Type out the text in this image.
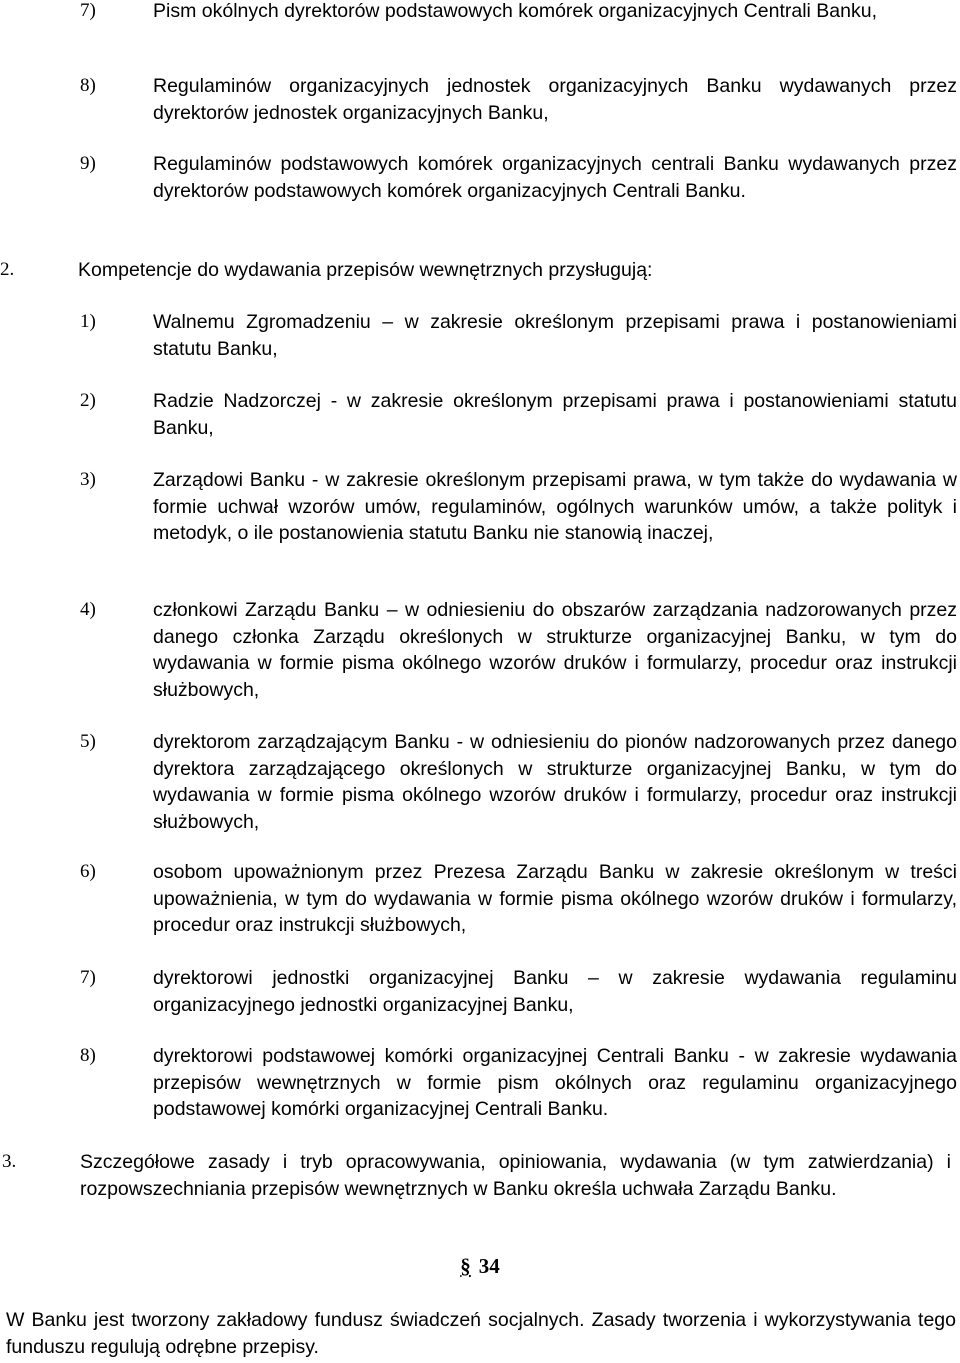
7)	Pism okólnych dyrektorów podstawowych komórek organizacyjnych Centrali Banku,
8)	Regulaminów organizacyjnych jednostek organizacyjnych Banku wydawanych przez dyrektorów jednostek organizacyjnych Banku,
9)	Regulaminów podstawowych komórek organizacyjnych centrali Banku wydawanych przez dyrektorów podstawowych komórek organizacyjnych Centrali Banku.
2.	Kompetencje do wydawania przepisów wewnętrznych przysługują:
1)	Walnemu Zgromadzeniu – w zakresie określonym przepisami prawa i postanowieniami statutu Banku,
2)	Radzie Nadzorczej - w zakresie określonym przepisami prawa i postanowieniami statutu Banku,
3)	Zarządowi Banku - w zakresie określonym przepisami prawa, w tym także do wydawania w formie uchwał wzorów umów, regulaminów, ogólnych warunków umów, a także polityk i metodyk, o ile postanowienia statutu Banku nie stanowią inaczej,
4)	członkowi Zarządu Banku – w odniesieniu do obszarów zarządzania nadzorowanych przez danego członka Zarządu określonych w strukturze organizacyjnej Banku, w tym do wydawania w formie pisma okólnego wzorów druków i formularzy, procedur oraz instrukcji służbowych,
5)	dyrektorom zarządzającym Banku - w odniesieniu do pionów nadzorowanych przez danego dyrektora zarządzającego określonych w strukturze organizacyjnej Banku, w tym do wydawania w formie pisma okólnego wzorów druków i formularzy, procedur oraz instrukcji służbowych,
6)	osobom upoważnionym przez Prezesa Zarządu Banku w zakresie określonym w treści upoważnienia, w tym do wydawania w formie pisma okólnego wzorów druków i formularzy, procedur oraz instrukcji służbowych,
7)	dyrektorowi jednostki organizacyjnej Banku – w zakresie wydawania regulaminu organizacyjnego jednostki organizacyjnej Banku,
8)	dyrektorowi podstawowej komórki organizacyjnej Centrali Banku - w zakresie wydawania przepisów wewnętrznych w formie pism okólnych oraz regulaminu organizacyjnego podstawowej komórki organizacyjnej Centrali Banku.
3.	Szczegółowe zasady i tryb opracowywania, opiniowania, wydawania (w tym zatwierdzania) i rozpowszechniania przepisów wewnętrznych w Banku określa uchwała Zarządu Banku.
§ 34
W Banku jest tworzony zakładowy fundusz świadczeń socjalnych. Zasady tworzenia i wykorzystywania tego funduszu regulują odrębne przepisy.
